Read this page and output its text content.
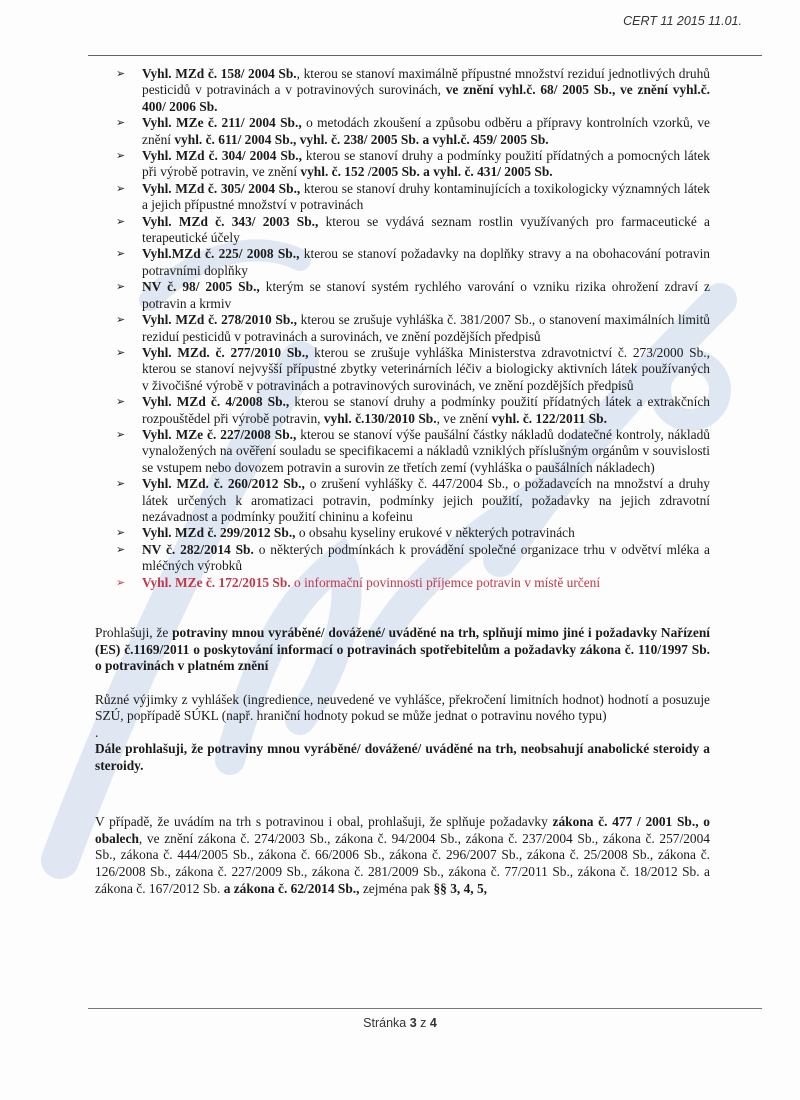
CERT 11 2015 11.01.
➢ Vyhl. MZd č. 158/ 2004 Sb., kterou se stanoví maximálně přípustné množství reziduí jednotlivých druhů pesticidů v potravinách a v potravinových surovinách, ve znění vyhl.č. 68/ 2005 Sb., ve znění vyhl.č. 400/ 2006 Sb.
➢ Vyhl. MZe č. 211/ 2004 Sb., o metodách zkoušení a způsobu odběru a přípravy kontrolních vzorků, ve znění vyhl. č. 611/ 2004 Sb., vyhl. č. 238/ 2005 Sb. a vyhl.č. 459/ 2005 Sb.
➢ Vyhl. MZd č. 304/ 2004 Sb., kterou se stanoví druhy a podmínky použití přídatných a pomocných látek při výrobě potravin, ve znění vyhl. č. 152 /2005 Sb. a vyhl. č. 431/ 2005 Sb.
➢ Vyhl. MZd č. 305/ 2004 Sb., kterou se stanoví druhy kontaminujících a toxikologicky významných látek a jejich přípustné množství v potravinách
➢ Vyhl. MZd č. 343/ 2003 Sb., kterou se vydává seznam rostlin využívaných pro farmaceutické a terapeutické účely
➢ Vyhl.MZd č. 225/ 2008 Sb., kterou se stanoví požadavky na doplňky stravy a na obohacování potravin potravními doplňky
➢ NV č. 98/ 2005 Sb., kterým se stanoví systém rychlého varování o vzniku rizika ohrožení zdraví z potravin a krmiv
➢ Vyhl. MZd č. 278/2010 Sb., kterou se zrušuje vyhláška č. 381/2007 Sb., o stanovení maximálních limitů reziduí pesticidů v potravinách a surovinách, ve znění pozdějších předpisů
➢ Vyhl. MZd. č. 277/2010 Sb., kterou se zrušuje vyhláška Ministerstva zdravotnictví č. 273/2000 Sb., kterou se stanoví nejvyšší přípustné zbytky veterinárních léčiv a biologicky aktivních látek používaných v živočišné výrobě v potravinách a potravinových surovinách, ve znění pozdějších předpisů
➢ Vyhl. MZd č. 4/2008 Sb., kterou se stanoví druhy a podmínky použití přídatných látek a extrakčních rozpouštědel při výrobě potravin, vyhl. č.130/2010 Sb., ve znění vyhl. č. 122/2011 Sb.
➢ Vyhl. MZe č. 227/2008 Sb., kterou se stanoví výše paušální částky nákladů dodatečné kontroly, nákladů vynaložených na ověření souladu se specifikacemi a nákladů vzniklých příslušným orgánům v souvislosti se vstupem nebo dovozem potravin a surovin ze třetích zemí (vyhláška o paušálních nákladech)
➢ Vyhl. MZd. č. 260/2012 Sb., o zrušení vyhlášky č. 447/2004 Sb., o požadavcích na množství a druhy látek určených k aromatizaci potravin, podmínky jejich použití, požadavky na jejich zdravotní nezávadnost a podmínky použití chininu a kofeinu
➢ Vyhl. MZd č. 299/2012 Sb., o obsahu kyseliny erukové v některých potravinách
➢ NV č. 282/2014 Sb. o některých podmínkách k provádění společné organizace trhu v odvětví mléka a mléčných výrobků
➢ Vyhl. MZe č. 172/2015 Sb. o informační povinnosti příjemce potravin v místě určení

Prohlašuji, že potraviny mnou vyráběné/ dovážené/ uváděné na trh, splňují mimo jiné i požadavky Nařízení (ES) č.1169/2011 o poskytování informací o potravinách spotřebitelům a požadavky zákona č. 110/1997 Sb. o potravinách v platném znění

Různé výjimky z vyhlášek (ingredience, neuvedené ve vyhlášce, překročení limitních hodnot) hodnotí a posuzuje SZÚ, popřípadě SÚKL (např. hraniční hodnoty pokud se může jednat o potravinu nového typu)

.

Dále prohlašuji, že potraviny mnou vyráběné/ dovážené/ uváděné na trh, neobsahují anabolické steroidy a steroidy.

V případě, že uvádím na trh s potravinou i obal, prohlašuji, že splňuje požadavky zákona č. 477 / 2001 Sb., o obalech, ve znění zákona č. 274/2003 Sb., zákona č. 94/2004 Sb., zákona č. 237/2004 Sb., zákona č. 257/2004 Sb., zákona č. 444/2005 Sb., zákona č. 66/2006 Sb., zákona č. 296/2007 Sb., zákona č. 25/2008 Sb., zákona č. 126/2008 Sb., zákona č. 227/2009 Sb., zákona č. 281/2009 Sb., zákona č. 77/2011 Sb., zákona č. 18/2012 Sb. a zákona č. 167/2012 Sb. a zákona č. 62/2014 Sb., zejména pak §§ 3, 4, 5,

Stránka 3 z 4
